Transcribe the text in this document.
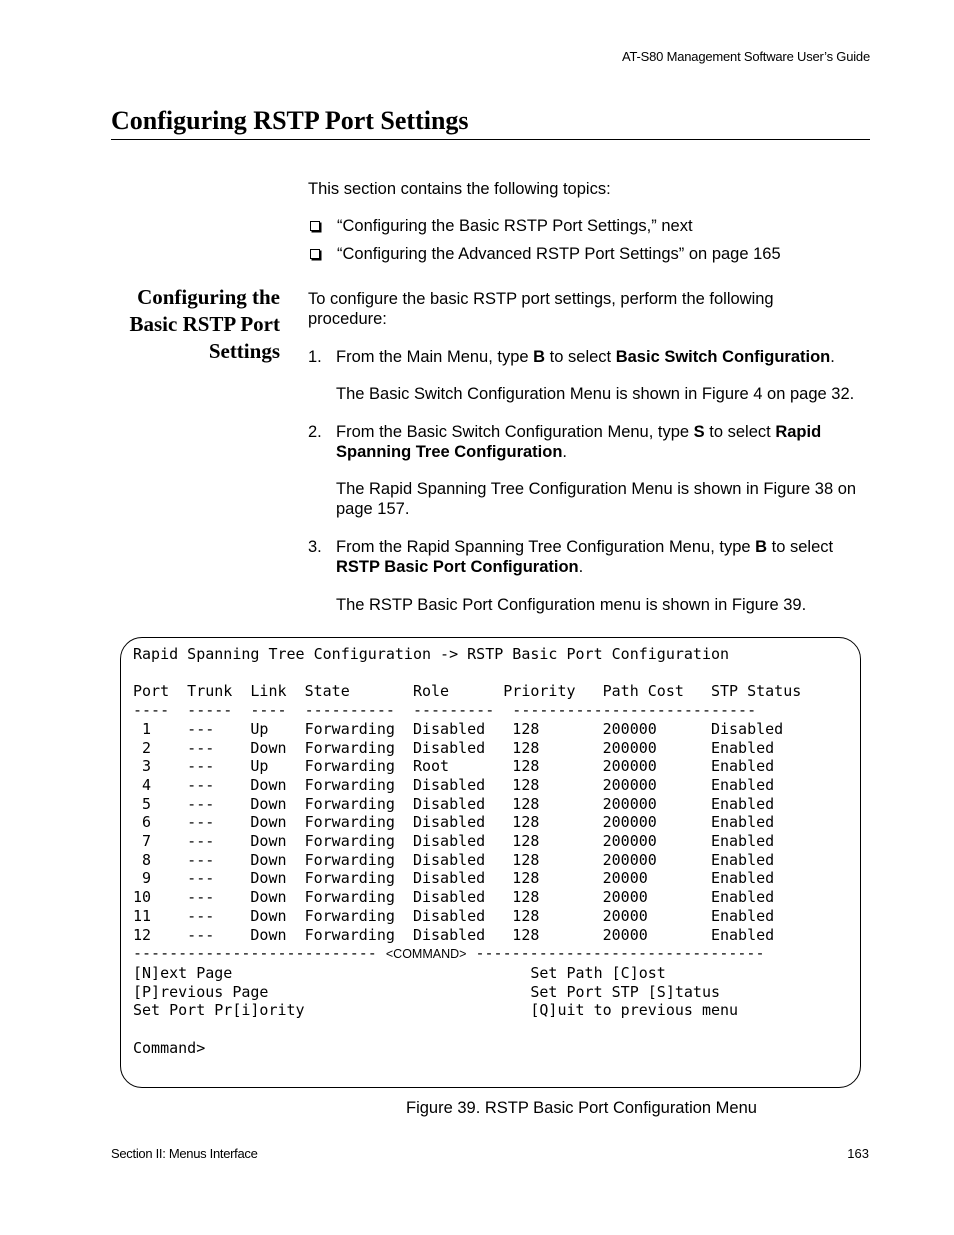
AT-S80 Management Software User’s Guide
Configuring RSTP Port Settings
This section contains the following topics:
“Configuring the Basic RSTP Port Settings,” next
“Configuring the Advanced RSTP Port Settings” on page 165
Configuring the
Basic RSTP Port
Settings
To configure the basic RSTP port settings, perform the following procedure:
1. From the Main Menu, type B to select Basic Switch Configuration.
The Basic Switch Configuration Menu is shown in Figure 4 on page 32.
2. From the Basic Switch Configuration Menu, type S to select Rapid Spanning Tree Configuration.
The Rapid Spanning Tree Configuration Menu is shown in Figure 38 on page 157.
3. From the Rapid Spanning Tree Configuration Menu, type B to select RSTP Basic Port Configuration.
The RSTP Basic Port Configuration menu is shown in Figure 39.
Rapid Spanning Tree Configuration -> RSTP Basic Port Configuration

Port  Trunk  Link  State       Role      Priority   Path Cost   STP Status
----  -----  ----  ----------  ---------  ---------------------------
1    ---    Up    Forwarding  Disabled   128       200000      Disabled
2    ---    Down  Forwarding  Disabled   128       200000      Enabled
3    ---    Up    Forwarding  Root       128       200000      Enabled
4    ---    Down  Forwarding  Disabled   128       200000      Enabled
5    ---    Down  Forwarding  Disabled   128       200000      Enabled
6    ---    Down  Forwarding  Disabled   128       200000      Enabled
7    ---    Down  Forwarding  Disabled   128       200000      Enabled
8    ---    Down  Forwarding  Disabled   128       200000      Enabled
9    ---    Down  Forwarding  Disabled   128       20000       Enabled
10    ---    Down  Forwarding  Disabled   128       20000       Enabled
11    ---    Down  Forwarding  Disabled   128       20000       Enabled
12    ---    Down  Forwarding  Disabled   128       20000       Enabled
--------------------------- <COMMAND> --------------------------------
[N]ext Page                                 Set Path [C]ost
[P]revious Page                             Set Port STP [S]tatus
Set Port Pr[i]ority                         [Q]uit to previous menu

Command>
Figure 39. RSTP Basic Port Configuration Menu
Section II: Menus Interface	163
